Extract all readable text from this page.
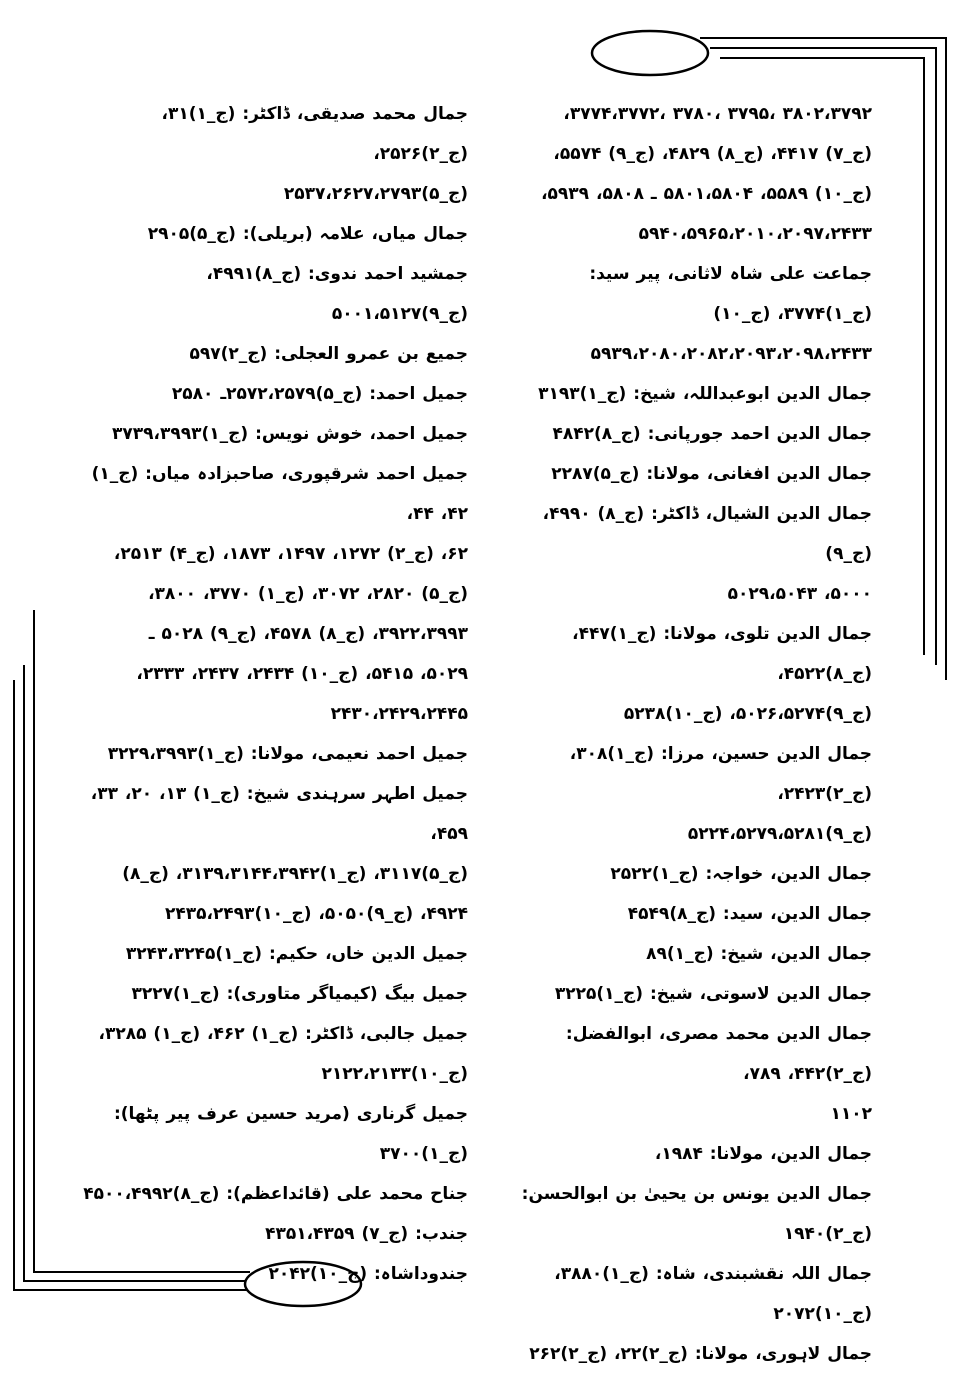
۳۸۰۲،۳۷۹۲ ،۳۷۹۵ ،۳۷۸۰ ،۳۷۷۴،۳۷۷۲،
(ج_۷) ۴۴۱۷، (ج_۸) ۴۸۲۹، (ج_۹) ۵۵۷۴،
(ج_۱۰) ۵۵۸۹، ۵۸۰۱،۵۸۰۴ ـ ۵۸۰۸، ۵۹۳۹،
۵۹۴۰،۵۹۶۵،۲۰۱۰،۲۰۹۷،۲۴۳۳
جماعت علی شاہ لاثانی، پیر سید: (ج_۱)۳۷۷۴، (ج_۱۰)
۵۹۳۹،۲۰۸۰،۲۰۸۲،۲۰۹۳،۲۰۹۸،۲۴۳۳
جمال الدین ابوعبداللہ، شیخ: (ج_۱)۳۱۹۳
جمال الدین احمد جورپانی: (ج_۸)۴۸۴۲
جمال الدین افغانی، مولانا: (ج_۵)۲۲۸۷
جمال الدین الشیال، ڈاکٹر: (ج_۸) ۴۹۹۰، (ج_۹)
۵۰۰۰، ۵۰۲۹،۵۰۴۳
جمال الدین تلوی، مولانا: (ج_۱)۴۴۷، (ج_۸)۴۵۲۲،
(ج_۹)۵۰۲۶،۵۲۷۴، (ج_۱۰)۵۲۳۸
جمال الدین حسین، مرزا: (ج_۱)۳۰۸، (ج_۲)۲۴۲۳،
(ج_۹)۵۲۲۴،۵۲۷۹،۵۲۸۱
جمال الدین، خواجہ: (ج_۱)۲۵۲۲
جمال الدین، سید: (ج_۸)۴۵۴۹
جمال الدین، شیخ: (ج_۱)۸۹
جمال الدین لاسوتی، شیخ: (ج_۱)۳۲۲۵
جمال الدین محمد مصری، ابوالفضل: (ج_۲)۴۴۲، ۷۸۹،
۱۱۰۲
جمال الدین، مولانا: ۱۹۸۴،
جمال الدین یونس بن یحییٰ بن ابوالحسن: (ج_۲)۱۹۴۰
جمال اللہ نقشبندی، شاہ: (ج_۱)۳۸۸۰، (ج_۱۰)۲۰۷۲
جمال لاہوری، مولانا: (ج_۲)۲۲، (ج_۲)۲۶۲
جمال محمد صدیقی، ڈاکٹر: (ج_۱)۳۱، (ج_۲)۲۵۲۶،
(ج_۵)۲۵۳۷،۲۶۲۷،۲۷۹۳
جمال میاں، علامہ (بریلی): (ج_۵)۲۹۰۵
جمشید احمد ندوی: (ج_۸)۴۹۹۱، (ج_۹)۵۰۰۱،۵۱۲۷
جمیع بن عمرو العجلی: (ج_۲)۵۹۷
جمیل احمد: (ج_۵)۲۵۷۲،۲۵۷۹ـ ۲۵۸۰
جمیل احمد، خوش نویس: (ج_۱)۳۷۳۹،۳۹۹۳
جمیل احمد شرقپوری، صاحبزادہ میاں: (ج_۱) ۴۲، ۴۴،
۶۲، (ج_۲) ۱۲۷۲، ۱۴۹۷، ۱۸۷۳، (ج_۴) ۲۵۱۳،
(ج_۵) ۲۸۲۰، ۳۰۷۲، (ج_۱) ۳۷۷۰، ۳۸۰۰،
۳۹۲۲،۳۹۹۳، (ج_۸) ۴۵۷۸، (ج_۹) ۵۰۲۸ ـ
۵۰۲۹، ۵۴۱۵، (ج_۱۰) ۲۴۳۴، ۲۴۳۷، ۲۳۳۳،
۲۴۳۰،۲۴۲۹،۲۴۴۵
جمیل احمد نعیمی، مولانا: (ج_۱)۳۲۲۹،۳۹۹۳
جمیل اطہر سرہندی شیخ: (ج_۱) ۱۳، ۲۰، ۳۳، ۴۵۹،
(ج_۵)۳۱۱۷، (ج_۱)۳۱۳۹،۳۱۴۴،۳۹۴۲، (ج_۸)
۴۹۲۴، (ج_۹)۵۰۵۰، (ج_۱۰)۲۴۳۵،۲۴۹۳
جمیل الدین خاں، حکیم: (ج_۱)۳۲۴۳،۳۲۴۵
جمیل بیگ (کیمیاگر متاوری): (ج_۱)۳۲۲۷
جمیل جالبی، ڈاکٹر: (ج_۱) ۴۶۲، (ج_۱) ۳۲۸۵،
(ج_۱۰)۲۱۲۲،۲۱۳۳
جمیل گرناری (مرید حسین عرف پیر پٹھا): (ج_۱)۳۷۰۰
جناح محمد علی (قائداعظم): (ج_۸)۴۵۰۰،۴۹۹۲
جندب: (ج_۷) ۴۳۵۱،۴۳۵۹
جندوداشاہ: (ج_۱۰)۲۰۴۲
